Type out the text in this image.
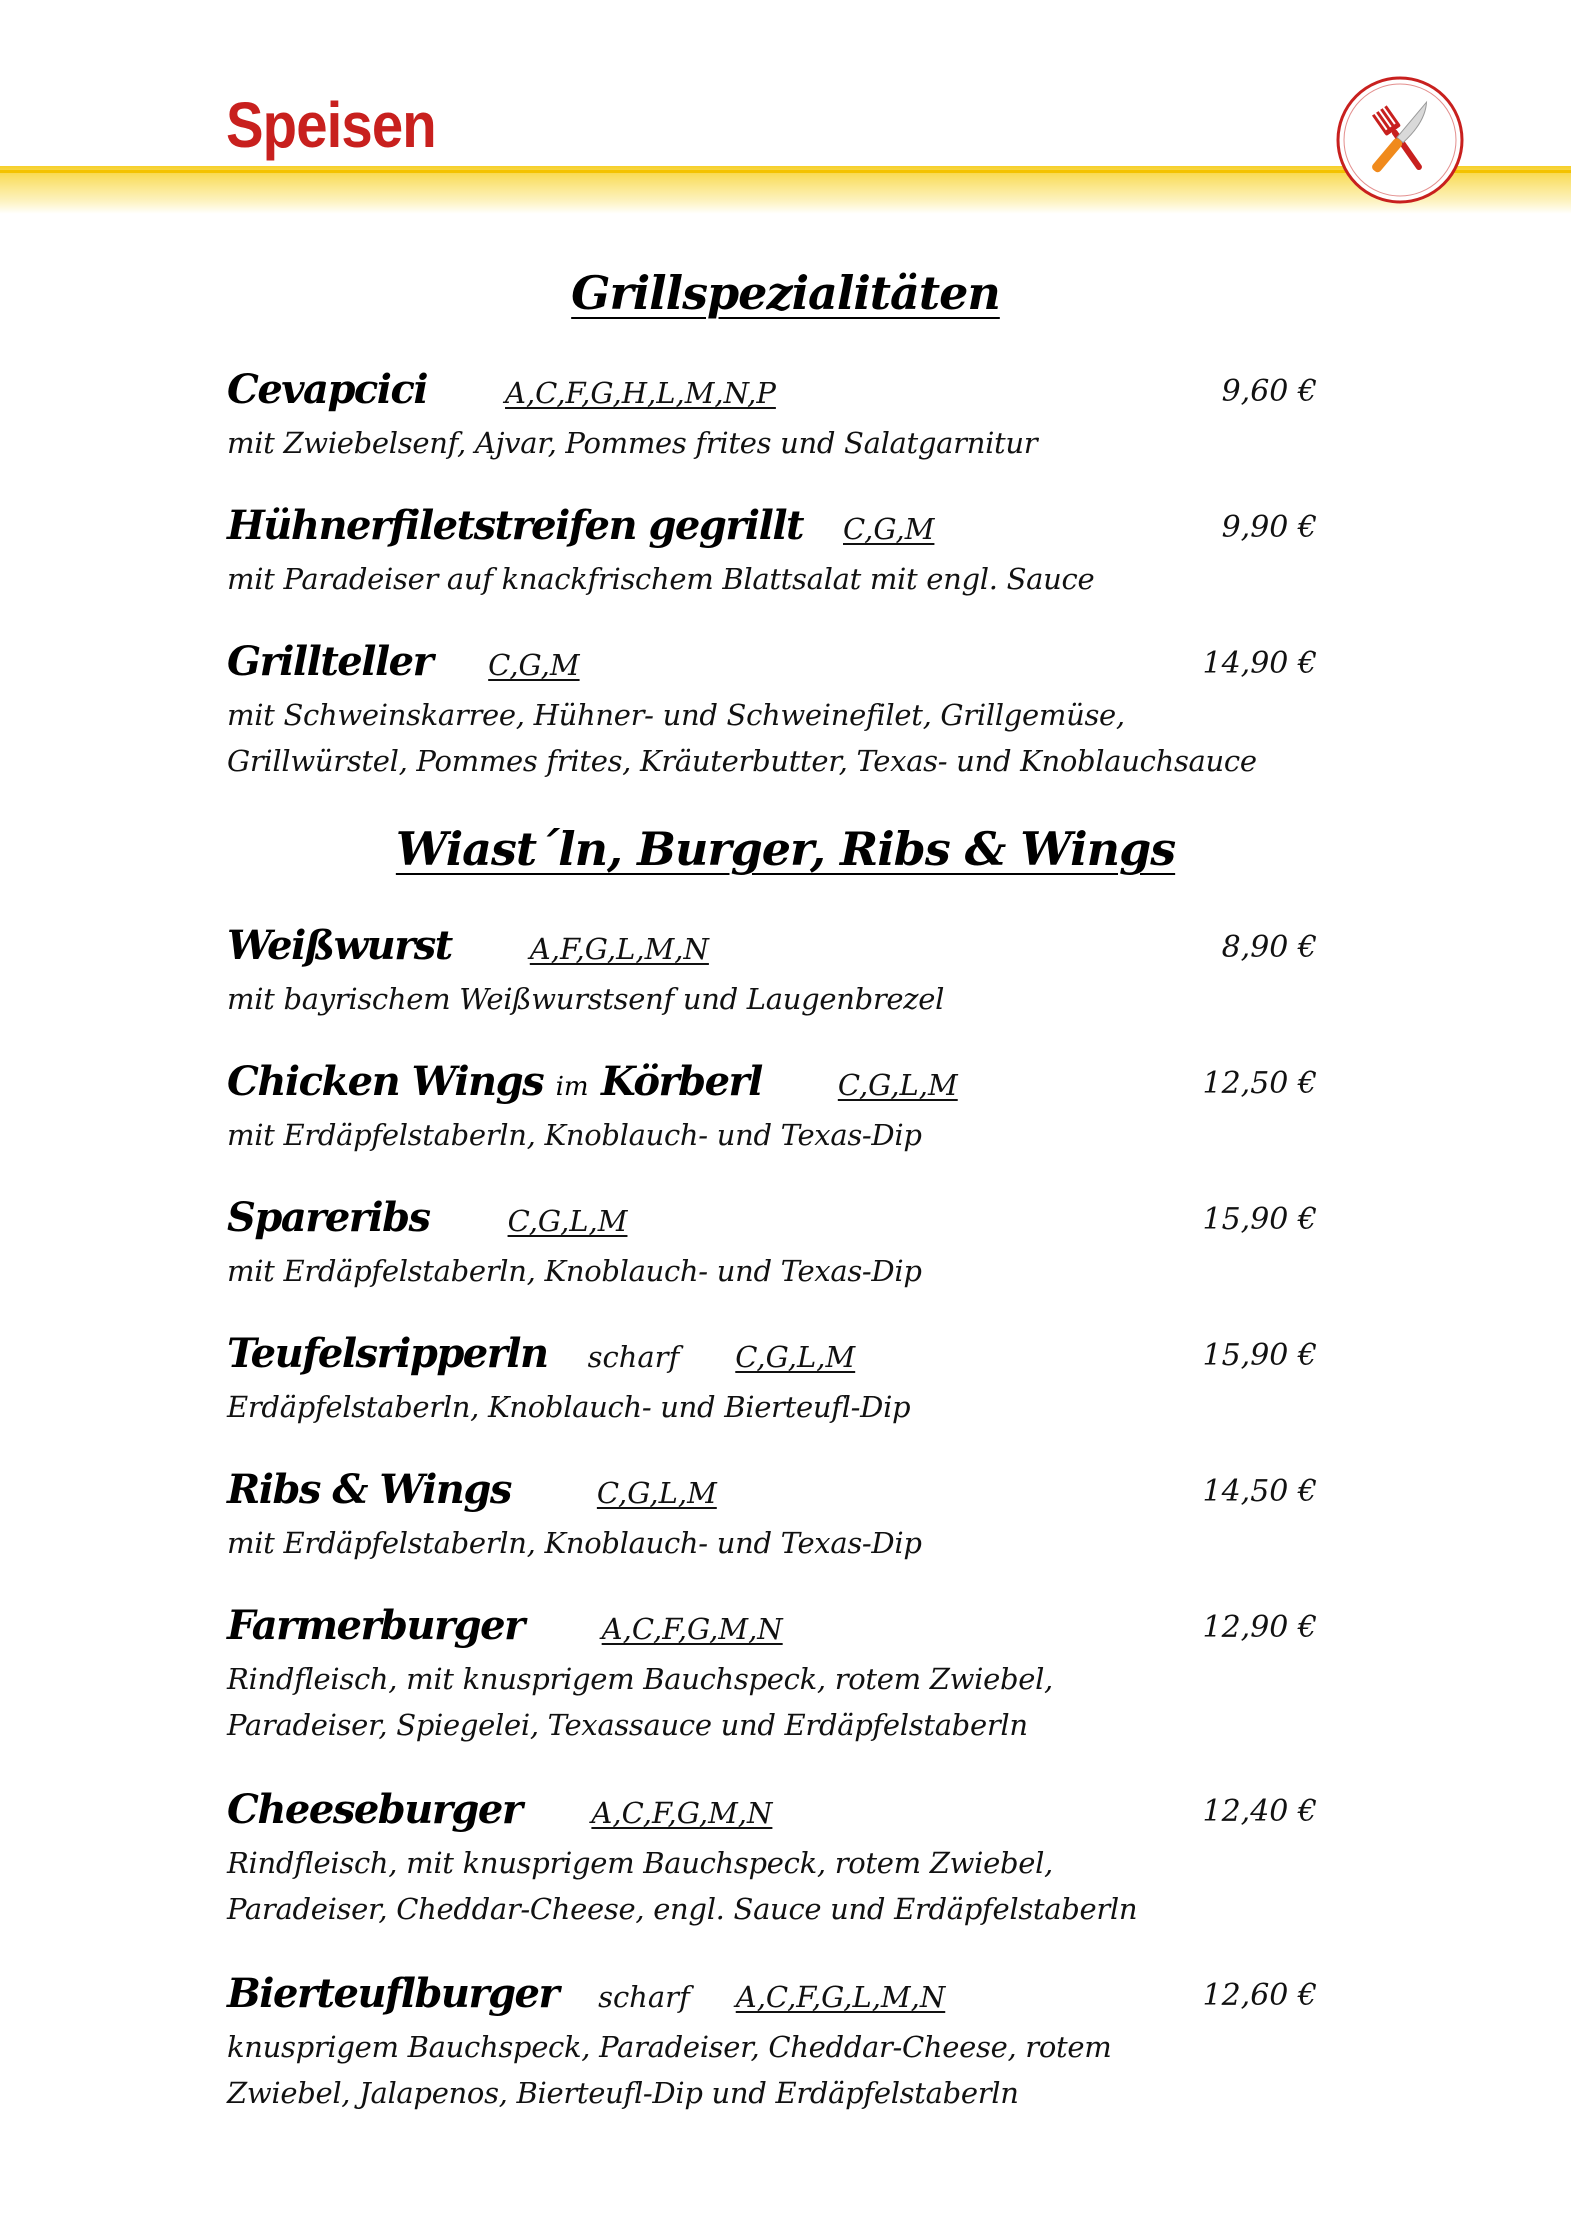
Speisen
Grillspezialitäten
Cevapcici	A,C,F,G,H,L,M,N,P	9,60 €
mit Zwiebelsenf, Ajvar, Pommes frites und Salatgarnitur
Hühnerfiletstreifen gegrillt C,G,M	9,90 €
mit Paradeiser auf knackfrischem Blattsalat mit engl. Sauce
Grillteller C,G,M	14,90 €
mit Schweinskarree, Hühner- und Schweinefilet, Grillgemüse,
Grillwürstel, Pommes frites, Kräuterbutter, Texas- und Knoblauchsauce
Wiast´ln, Burger, Ribs & Wings
Weißwurst	A,F,G,L,M,N	8,90 €
mit bayrischem Weißwurstsenf und Laugenbrezel
Chicken Wings im Körberl	C,G,L,M	12,50 €
mit Erdäpfelstaberln, Knoblauch- und Texas-Dip
Spareribs	C,G,L,M	15,90 €
mit Erdäpfelstaberln, Knoblauch- und Texas-Dip
Teufelsripperln scharf C,G,L,M	15,90 €
Erdäpfelstaberln, Knoblauch- und Bierteufl-Dip
Ribs & Wings	C,G,L,M	14,50 €
mit Erdäpfelstaberln, Knoblauch- und Texas-Dip
Farmerburger	A,C,F,G,M,N	12,90 €
Rindfleisch, mit knusprigem Bauchspeck, rotem Zwiebel,
Paradeiser, Spiegelei, Texassauce und Erdäpfelstaberln
Cheeseburger A,C,F,G,M,N	12,40 €
Rindfleisch, mit knusprigem Bauchspeck, rotem Zwiebel,
Paradeiser, Cheddar-Cheese, engl. Sauce und Erdäpfelstaberln
Bierteuflburger scharf A,C,F,G,L,M,N	12,60 €
knusprigem Bauchspeck, Paradeiser, Cheddar-Cheese, rotem
Zwiebel, Jalapenos, Bierteufl-Dip und Erdäpfelstaberln
